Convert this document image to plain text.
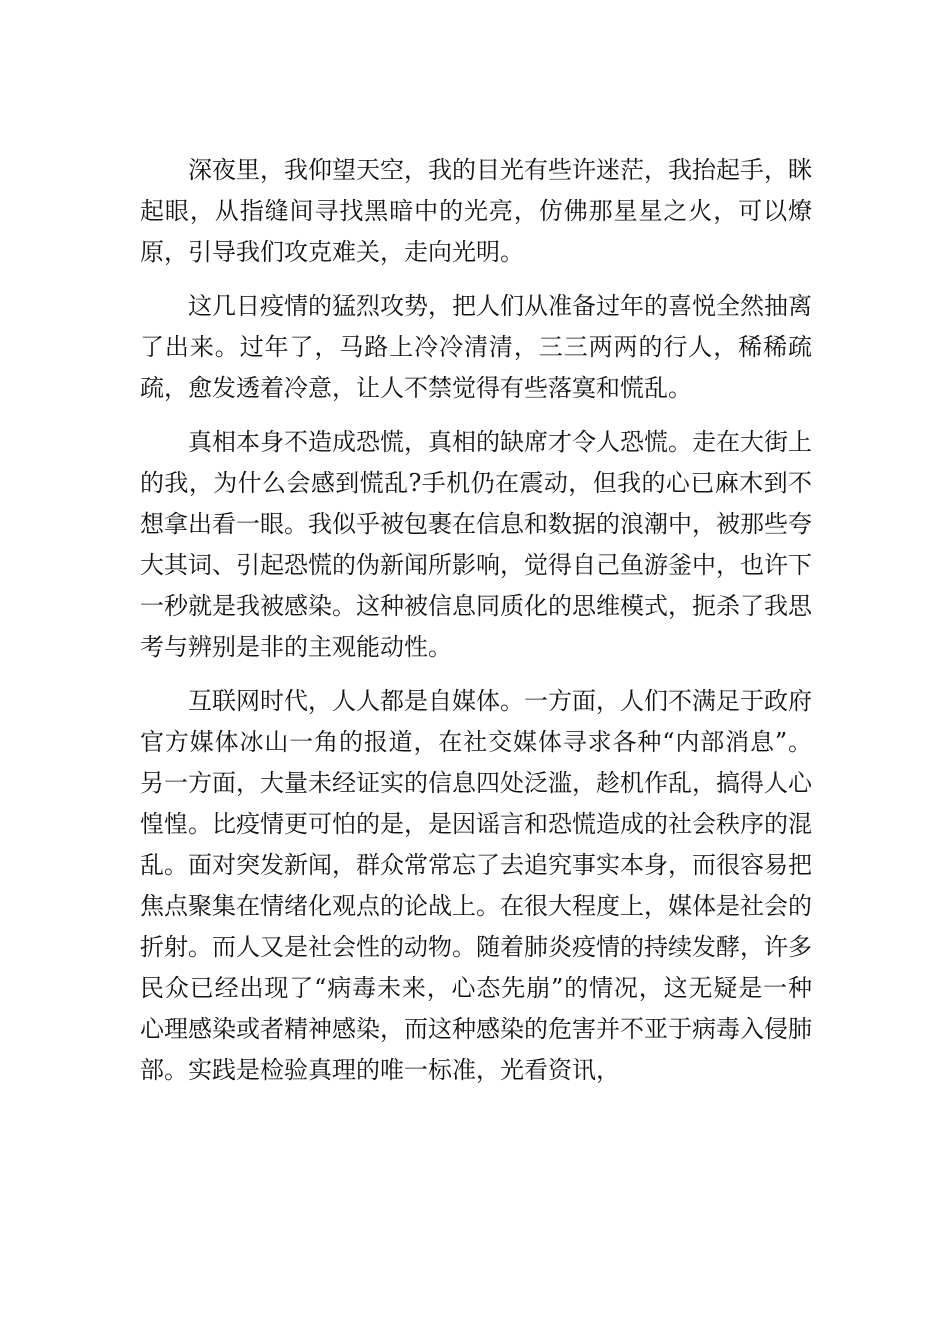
深夜里，我仰望天空，我的目光有些许迷茫，我抬起手，眯起眼，从指缝间寻找黑暗中的光亮，仿佛那星星之火，可以燎原，引导我们攻克难关，走向光明。

这几日疫情的猛烈攻势，把人们从准备过年的喜悦全然抽离了出来。过年了，马路上冷冷清清，三三两两的行人，稀稀疏疏，愈发透着冷意，让人不禁觉得有些落寞和慌乱。

真相本身不造成恐慌，真相的缺席才令人恐慌。走在大街上的我，为什么会感到慌乱?手机仍在震动，但我的心已麻木到不想拿出看一眼。我似乎被包裹在信息和数据的浪潮中，被那些夸大其词、引起恐慌的伪新闻所影响，觉得自己鱼游釜中，也许下一秒就是我被感染。这种被信息同质化的思维模式，扼杀了我思考与辨别是非的主观能动性。

互联网时代，人人都是自媒体。一方面，人们不满足于政府官方媒体冰山一角的报道，在社交媒体寻求各种“内部消息”。另一方面，大量未经证实的信息四处泛滥，趁机作乱，搞得人心惶惶。比疫情更可怕的是，是因谣言和恐慌造成的社会秩序的混乱。面对突发新闻，群众常常忘了去追究事实本身，而很容易把焦点聚集在情绪化观点的论战上。在很大程度上，媒体是社会的折射。而人又是社会性的动物。随着肺炎疫情的持续发酵，许多民众已经出现了“病毒未来，心态先崩”的情况，这无疑是一种心理感染或者精神感染，而这种感染的危害并不亚于病毒入侵肺部。实践是检验真理的唯一标准，光看资讯，
